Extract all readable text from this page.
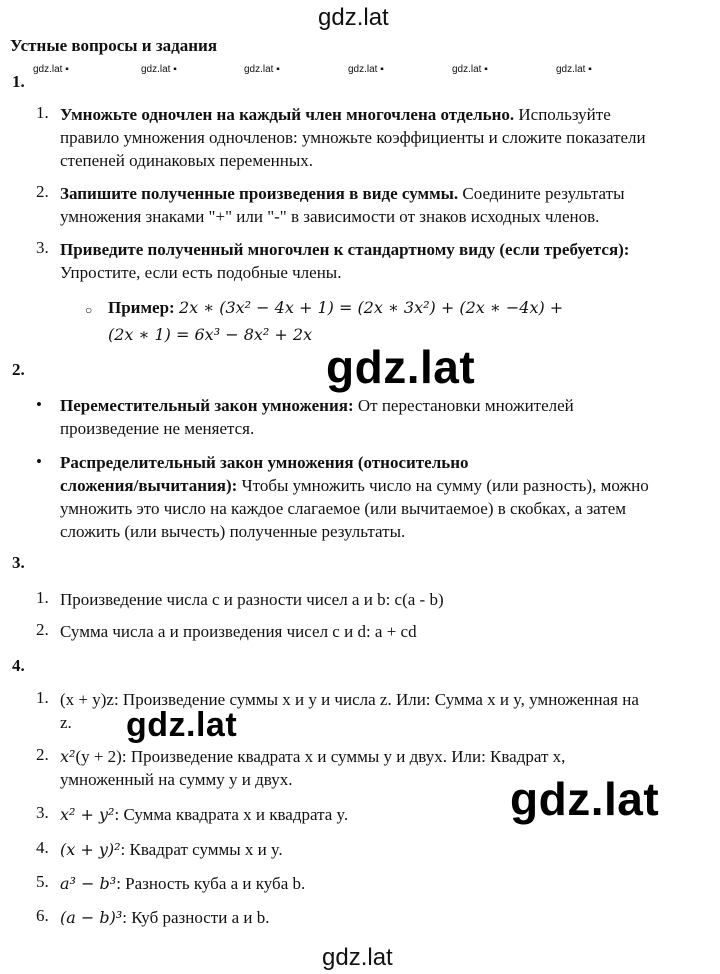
gdz.lat
gdz.lat
gdz.lat
gdz.lat
gdz.lat
gdz.lat ▪	gdz.lat ▪	gdz.lat ▪	gdz.lat ▪	gdz.lat ▪	gdz.lat ▪
Устные вопросы и задания
1.
1. Умножьте одночлен на каждый член многочлена отдельно. Используйте
правило умножения одночленов: умножьте коэффициенты и сложите показатели
степеней одинаковых переменных.
2. Запишите полученные произведения в виде суммы. Соедините результаты
умножения знаками "+" или "-" в зависимости от знаков исходных членов.
3. Приведите полученный многочлен к стандартному виду (если требуется):
Упростите, если есть подобные члены.
○ Пример: 2x ∗ (3x² − 4x + 1) = (2x ∗ 3x²) + (2x ∗ −4x) +
(2x ∗ 1) = 6x³ − 8x² + 2x
2.
• Переместительный закон умножения: От перестановки множителей
произведение не меняется.
• Распределительный закон умножения (относительно
сложения/вычитания): Чтобы умножить число на сумму (или разность), можно
умножить это число на каждое слагаемое (или вычитаемое) в скобках, а затем
сложить (или вычесть) полученные результаты.
3.
1. Произведение числа с и разности чисел а и b: c(a - b)
2. Сумма числа а и произведения чисел с и d: a + cd
4.
1. (x + y)z: Произведение суммы x и y и числа z. Или: Сумма x и y, умноженная на
z.
2. x²(y + 2): Произведение квадрата x и суммы y и двух. Или: Квадрат x,
умноженный на сумму y и двух.
3. x² + y²: Сумма квадрата x и квадрата y.
4. (x + y)²: Квадрат суммы x и y.
5. a³ − b³: Разность куба a и куба b.
6. (a − b)³: Куб разности a и b.
